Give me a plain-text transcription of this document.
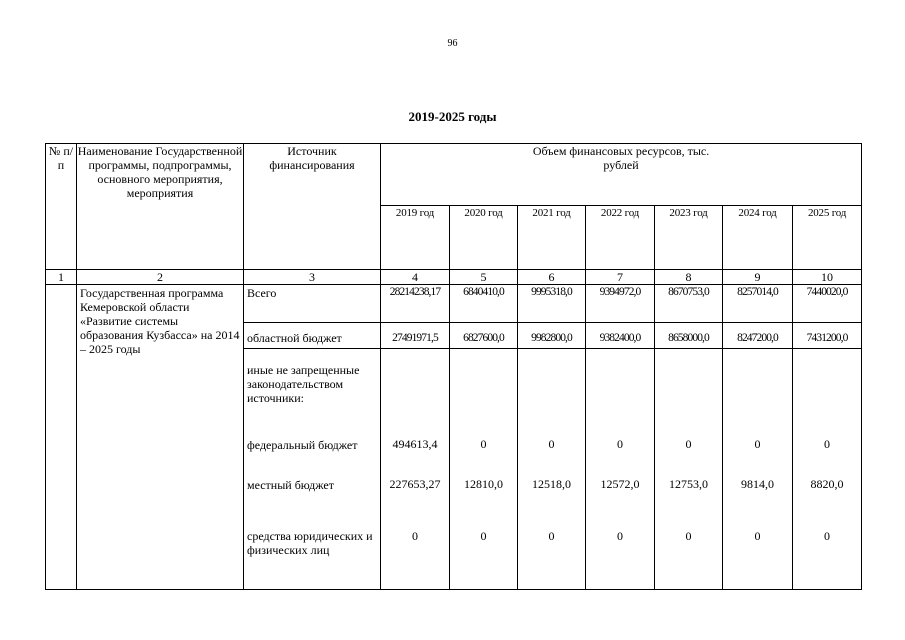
96
2019-2025 годы
№ п/п	Наименование Государственной программы, подпрограммы, основного мероприятия, мероприятия	Источник финансирования	Объем финансовых ресурсов, тыс. рублей						
			2019 год	2020 год	2021 год	2022 год	2023 год	2024 год	2025 год
1	2	3	4	5	6	7	8	9	10
	Государственная программа Кемеровской области «Развитие системы образования Кузбасса» на 2014 – 2025 годы	Всего	28214238,17	6840410,0	9995318,0	9394972,0	8670753,0	8257014,0	7440020,0
		областной бюджет	27491971,5	6827600,0	9982800,0	9382400,0	8658000,0	8247200,0	7431200,0
		иные не запрещенные законодательством источники:							
		федеральный бюджет	494613,4	0	0	0	0	0	0
		местный бюджет	227653,27	12810,0	12518,0	12572,0	12753,0	9814,0	8820,0
		средства юридических и физических лиц	0	0	0	0	0	0	0
